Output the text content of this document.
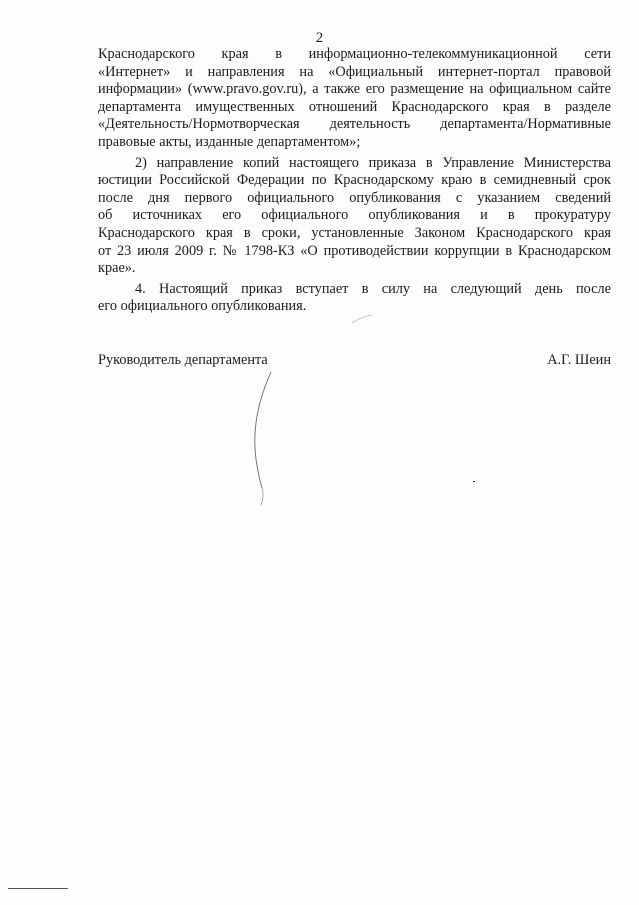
2
Краснодарского края в информационно-телекоммуникационной сети
«Интернет» и направления на «Официальный интернет-портал правовой
информации» (www.pravo.gov.ru), а также его размещение на официальном сайте
департамента имущественных отношений Краснодарского края в разделе
«Деятельность/Нормотворческая деятельность департамента/Нормативные
правовые акты, изданные департаментом»;
2) направление копий настоящего приказа в Управление Министерства
юстиции Российской Федерации по Краснодарскому краю в семидневный срок
после дня первого официального опубликования с указанием сведений
об источниках его официального опубликования и в прокуратуру
Краснодарского края в сроки, установленные Законом Краснодарского края
от 23 июля 2009 г. № 1798-КЗ «О противодействии коррупции в Краснодарском
крае».
4. Настоящий приказ вступает в силу на следующий день после
его официального опубликования.
Руководитель департамента	А.Г. Шеин
